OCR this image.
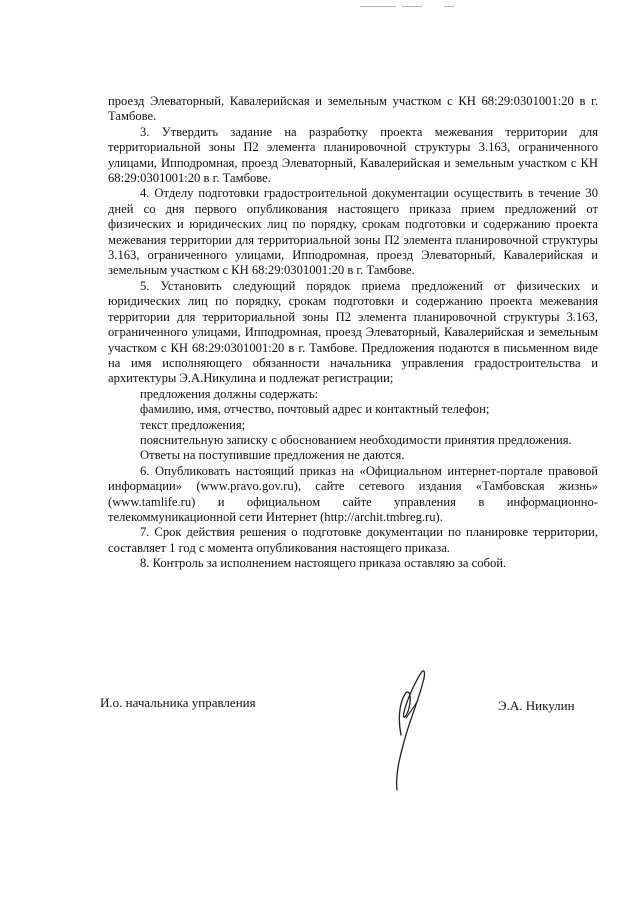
проезд Элеваторный, Кавалерийская и земельным участком с КН 68:29:0301001:20 в г. Тамбове.

3. Утвердить задание на разработку проекта межевания территории для территориальной зоны П2 элемента планировочной структуры 3.163, ограниченного улицами, Ипподромная, проезд Элеваторный, Кавалерийская и земельным участком с КН 68:29:0301001:20 в г. Тамбове.

4. Отделу подготовки градостроительной документации осуществить в течение 30 дней со дня первого опубликования настоящего приказа прием предложений от физических и юридических лиц по порядку, срокам подготовки и содержанию проекта межевания территории для территориальной зоны П2 элемента планировочной структуры 3.163, ограниченного улицами, Ипподромная, проезд Элеваторный, Кавалерийская и земельным участком с КН 68:29:0301001:20 в г. Тамбове.

5. Установить следующий порядок приема предложений от физических и юридических лиц по порядку, срокам подготовки и содержанию проекта межевания территории для территориальной зоны П2 элемента планировочной структуры 3.163, ограниченного улицами, Ипподромная, проезд Элеваторный, Кавалерийская и земельным участком с КН 68:29:0301001:20 в г. Тамбове. Предложения подаются в письменном виде на имя исполняющего обязанности начальника управления градостроительства и архитектуры Э.А.Никулина и подлежат регистрации;

предложения должны содержать:

фамилию, имя, отчество, почтовый адрес и контактный телефон;

текст предложения;

пояснительную записку с обоснованием необходимости принятия предложения.

Ответы на поступившие предложения не даются.

6. Опубликовать настоящий приказ на «Официальном интернет-портале правовой информации» (www.pravo.gov.ru), сайте сетевого издания «Тамбовская жизнь» (www.tamlife.ru) и официальном сайте управления в информационно-телекоммуникационной сети Интернет (http://archit.tmbreg.ru).

7. Срок действия решения о подготовке документации по планировке территории, составляет 1 год с момента опубликования настоящего приказа.

8. Контроль за исполнением настоящего приказа оставляю за собой.

И.о. начальника управления	Э.А. Никулин
